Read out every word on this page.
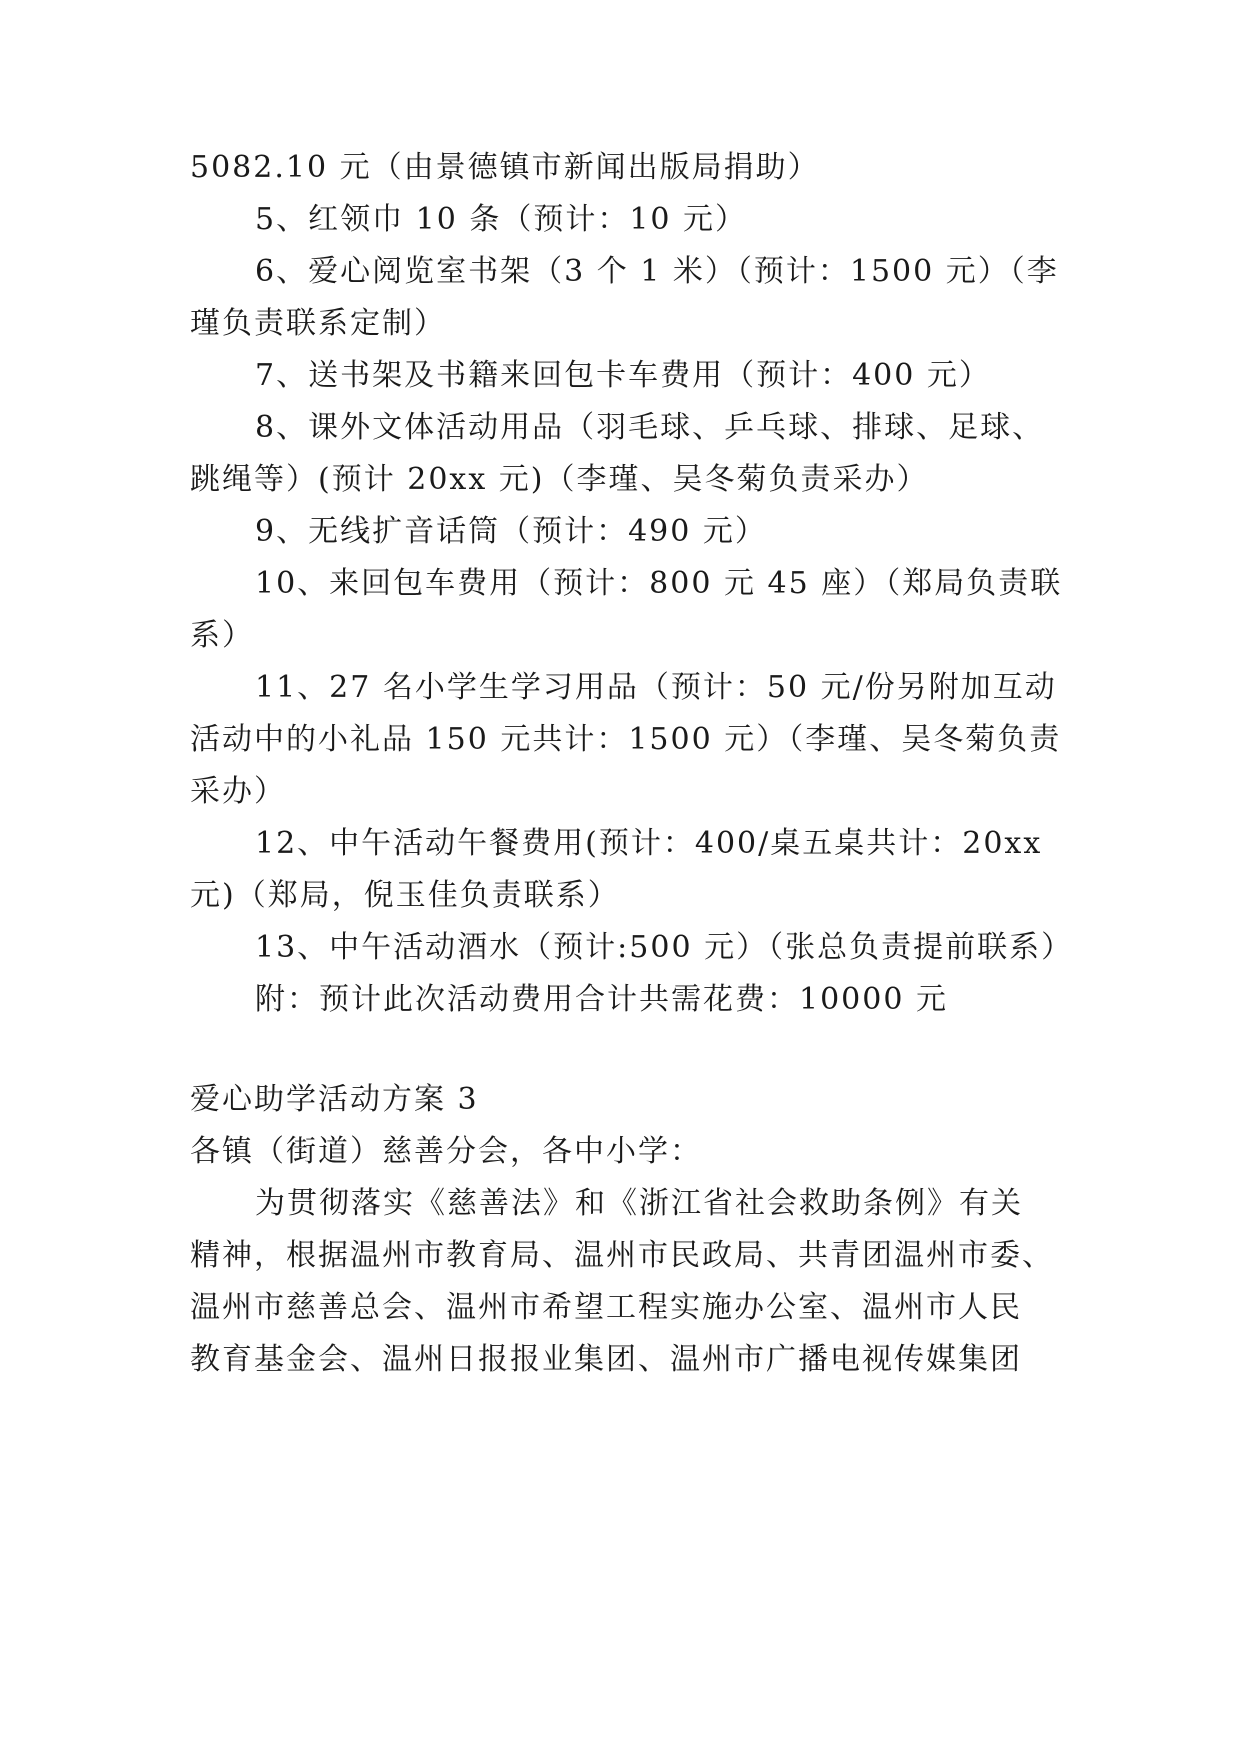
5082.10 元（由景德镇市新闻出版局捐助）
5、红领巾 10 条（预计：10 元）
6、爱心阅览室书架（3 个 1 米）（预计：1500 元）（李
瑾负责联系定制）
7、送书架及书籍来回包卡车费用（预计：400 元）
8、课外文体活动用品（羽毛球、乒乓球、排球、足球、
跳绳等）(预计 20xx 元)（李瑾、吴冬菊负责采办）
9、无线扩音话筒（预计：490 元）
10、来回包车费用（预计：800 元 45 座）（郑局负责联
系）
11、27 名小学生学习用品（预计：50 元/份另附加互动
活动中的小礼品 150 元共计：1500 元）（李瑾、吴冬菊负责
采办）
12、中午活动午餐费用(预计：400/桌五桌共计：20xx
元)（郑局，倪玉佳负责联系）
13、中午活动酒水（预计:500 元）（张总负责提前联系）
附：预计此次活动费用合计共需花费：10000 元
爱心助学活动方案 3
各镇（街道）慈善分会，各中小学：
为贯彻落实《慈善法》和《浙江省社会救助条例》有关
精神，根据温州市教育局、温州市民政局、共青团温州市委、
温州市慈善总会、温州市希望工程实施办公室、温州市人民
教育基金会、温州日报报业集团、温州市广播电视传媒集团
